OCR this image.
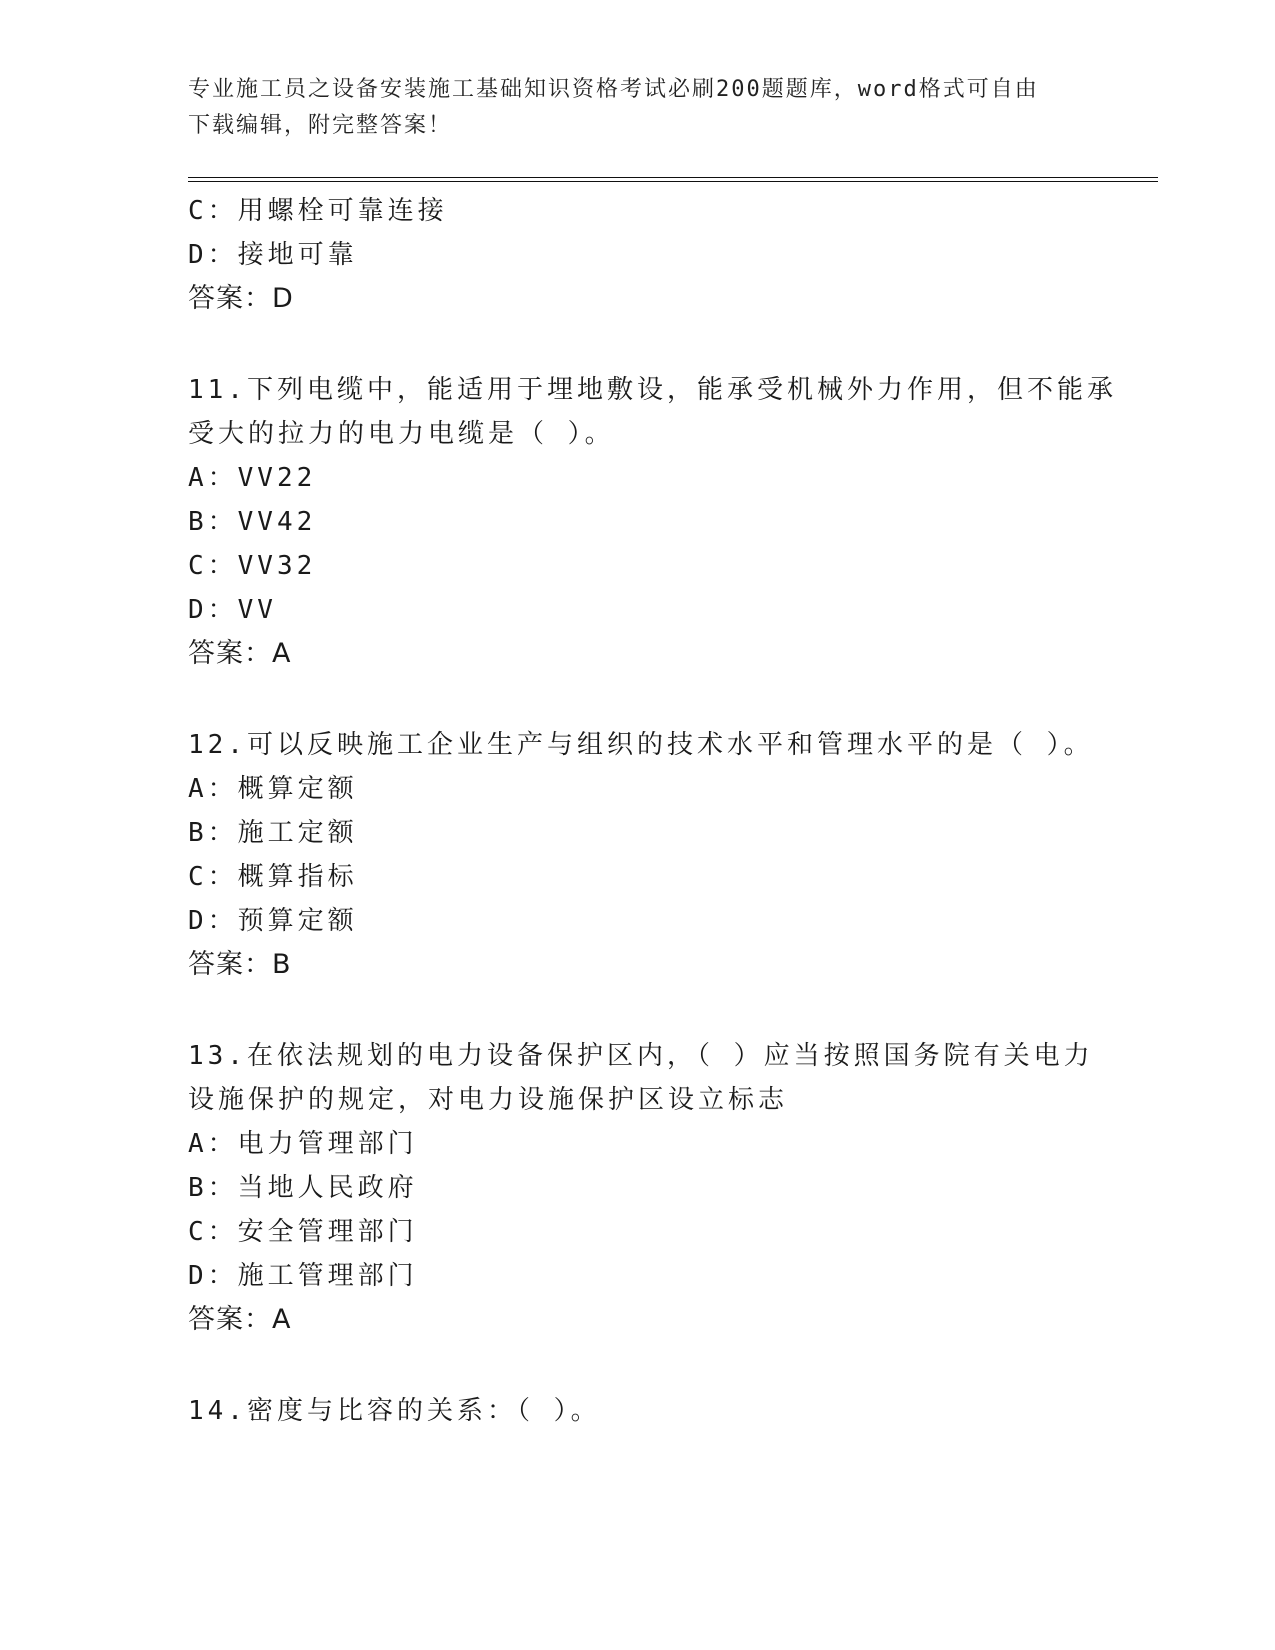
专业施工员之设备安装施工基础知识资格考试必刷200题题库，word格式可自由
下载编辑，附完整答案！
C：用螺栓可靠连接
D：接地可靠
答案：D
11.下列电缆中，能适用于埋地敷设，能承受机械外力作用，但不能承
受大的拉力的电力电缆是（ ）。
A：VV22
B：VV42
C：VV32
D：VV
答案：A
12.可以反映施工企业生产与组织的技术水平和管理水平的是（ ）。
A：概算定额
B：施工定额
C：概算指标
D：预算定额
答案：B
13.在依法规划的电力设备保护区内，（ ）应当按照国务院有关电力
设施保护的规定，对电力设施保护区设立标志
A：电力管理部门
B：当地人民政府
C：安全管理部门
D：施工管理部门
答案：A
14.密度与比容的关系：（ ）。
